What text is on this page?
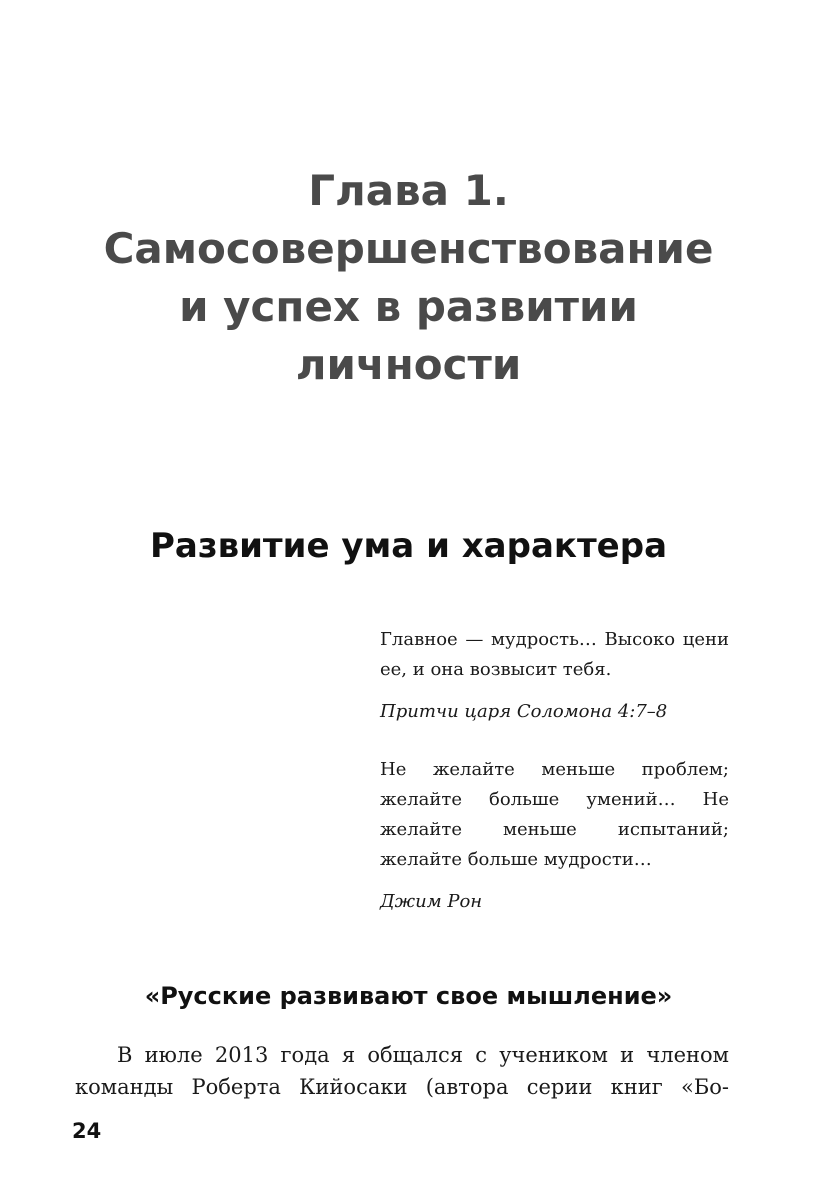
Глава 1.
Самосовершенствование
и успех в развитии
личности
Развитие ума и характера

Главное — мудрость… Высоко цени ее, и она возвысит тебя.

Притчи царя Соломона 4:7–8

Не желайте меньше проблем; желайте больше умений… Не желайте меньше испытаний; желайте больше мудрости…

Джим Рон

«Русские развивают свое мышление»

В июле 2013 года я общался с учеником и членом команды Роберта Кийосаки (автора серии книг «Бо-

24
